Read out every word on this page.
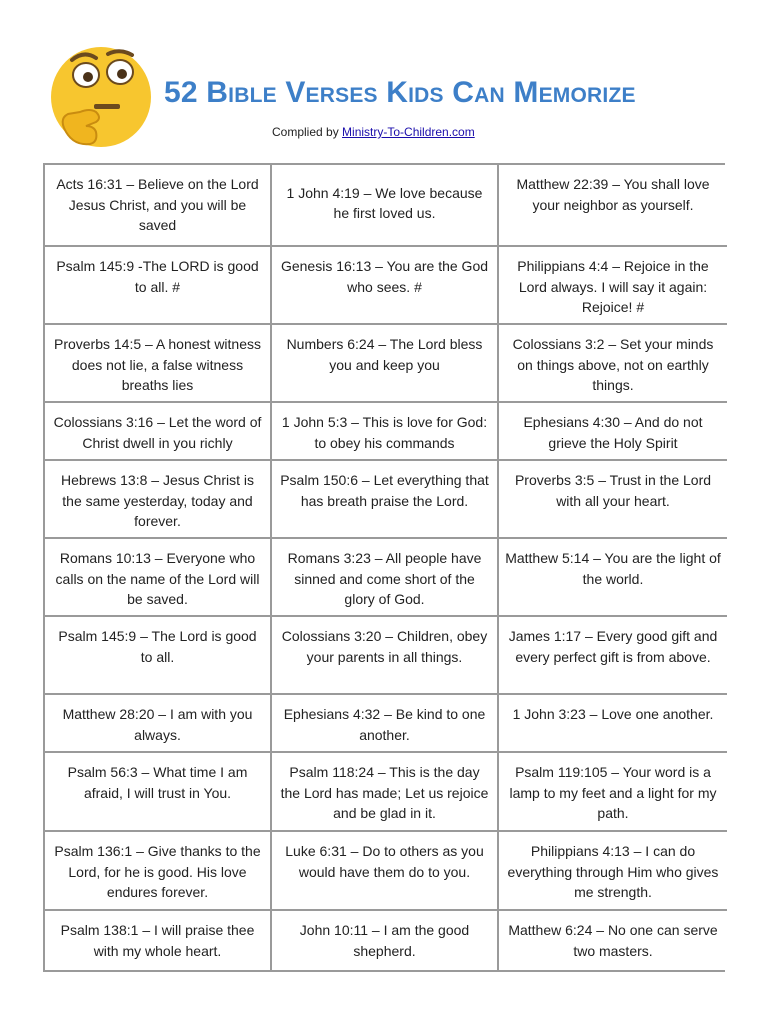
52 Bible Verses Kids Can Memorize
Complied by Ministry-To-Children.com
Acts 16:31 – Believe on the Lord Jesus Christ, and you will be saved
1 John 4:19 – We love because he first loved us.
Matthew 22:39 – You shall love your neighbor as yourself.
Psalm 145:9 -The LORD is good to all. #
Genesis 16:13 – You are the God who sees. #
Philippians 4:4 – Rejoice in the Lord always. I will say it again: Rejoice! #
Proverbs 14:5 – A honest witness does not lie, a false witness breaths lies
Numbers 6:24 – The Lord bless you and keep you
Colossians 3:2 – Set your minds on things above, not on earthly things.
Colossians 3:16 – Let the word of Christ dwell in you richly
1 John 5:3 – This is love for God: to obey his commands
Ephesians 4:30 – And do not grieve the Holy Spirit
Hebrews 13:8 – Jesus Christ is the same yesterday, today and forever.
Psalm 150:6 – Let everything that has breath praise the Lord.
Proverbs 3:5 – Trust in the Lord with all your heart.
Romans 10:13 – Everyone who calls on the name of the Lord will be saved.
Romans 3:23 – All people have sinned and come short of the glory of God.
Matthew 5:14 – You are the light of the world.
Psalm 145:9 – The Lord is good to all.
Colossians 3:20 – Children, obey your parents in all things.
James 1:17 – Every good gift and every perfect gift is from above.
Matthew 28:20 – I am with you always.
Ephesians 4:32 – Be kind to one another.
1 John 3:23 – Love one another.
Psalm 56:3 – What time I am afraid, I will trust in You.
Psalm 118:24 – This is the day the Lord has made; Let us rejoice and be glad in it.
Psalm 119:105 – Your word is a lamp to my feet and a light for my path.
Psalm 136:1 – Give thanks to the Lord, for he is good. His love endures forever.
Luke 6:31 – Do to others as you would have them do to you.
Philippians 4:13 – I can do everything through Him who gives me strength.
Psalm 138:1 – I will praise thee with my whole heart.
John 10:11 – I am the good shepherd.
Matthew 6:24 – No one can serve two masters.
